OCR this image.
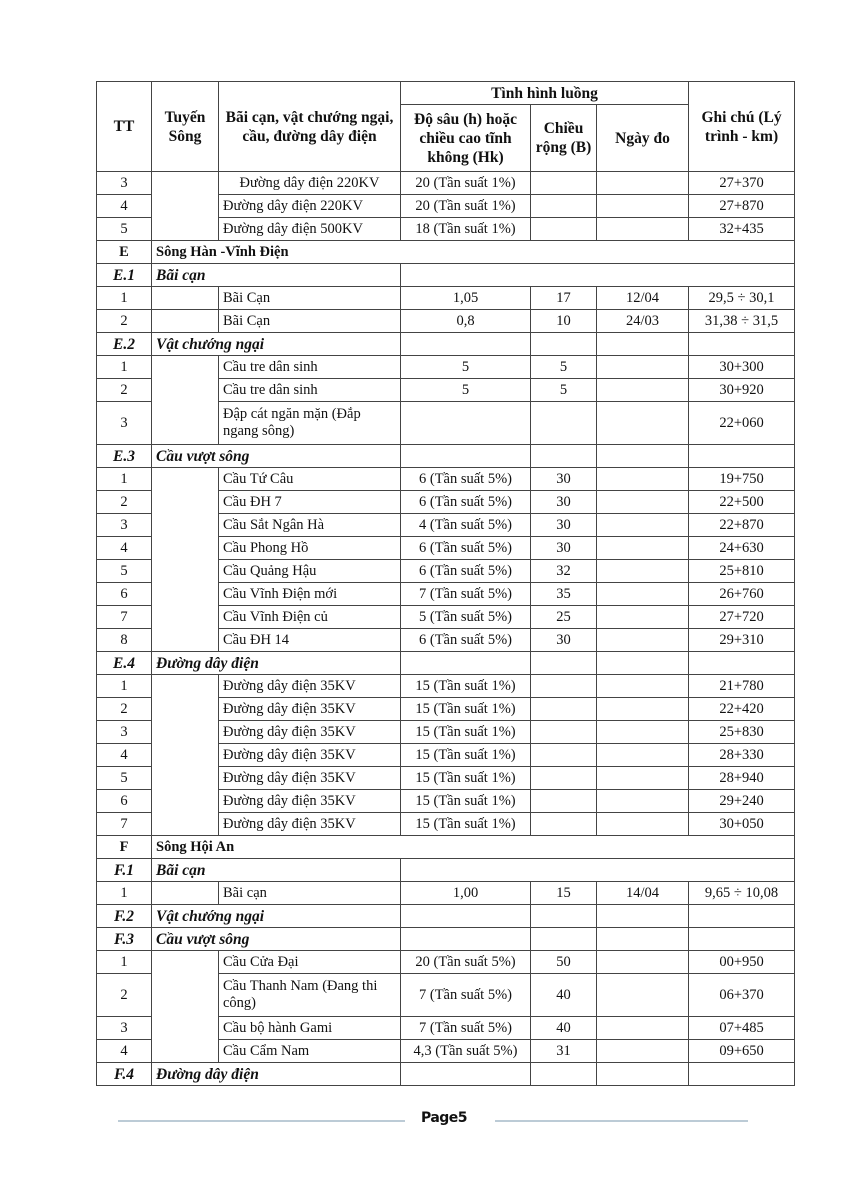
TT	Tuyến Sông	Bãi cạn, vật chướng ngại, cầu, đường dây điện	Tình hình luồng			Ghi chú (Lý trình - km)
			Độ sâu (h) hoặc chiều cao tĩnh không (Hk)	Chiều rộng (B)	Ngày đo	
3		Đường dây điện 220KV	20 (Tần suất 1%)			27+370
4		Đường dây điện 220KV	20 (Tần suất 1%)			27+870
5		Đường dây điện 500KV	18 (Tần suất 1%)			32+435
E	Sông Hàn -Vĩnh Điện					
E.1	Bãi cạn					
1		Bãi Cạn	1,05	17	12/04	29,5 ÷ 30,1
2		Bãi Cạn	0,8	10	24/03	31,38 ÷ 31,5
E.2	Vật chướng ngại					
1		Cầu tre dân sinh	5	5		30+300
2		Cầu tre dân sinh	5	5		30+920
3		Đập cát ngăn mặn (Đắp ngang sông)				22+060
E.3	Cầu vượt sông					
1		Cầu Tứ Câu	6 (Tần suất 5%)	30		19+750
2		Cầu ĐH 7	6 (Tần suất 5%)	30		22+500
3		Cầu Sắt Ngân Hà	4 (Tần suất 5%)	30		22+870
4		Cầu Phong Hồ	6 (Tần suất 5%)	30		24+630
5		Cầu Quảng Hậu	6 (Tần suất 5%)	32		25+810
6		Cầu Vĩnh Điện mới	7 (Tần suất 5%)	35		26+760
7		Cầu Vĩnh Điện củ	5 (Tần suất 5%)	25		27+720
8		Cầu ĐH 14	6 (Tần suất 5%)	30		29+310
E.4	Đường dây điện					
1		Đường dây điện 35KV	15 (Tần suất 1%)			21+780
2		Đường dây điện 35KV	15 (Tần suất 1%)			22+420
3		Đường dây điện 35KV	15 (Tần suất 1%)			25+830
4		Đường dây điện 35KV	15 (Tần suất 1%)			28+330
5		Đường dây điện 35KV	15 (Tần suất 1%)			28+940
6		Đường dây điện 35KV	15 (Tần suất 1%)			29+240
7		Đường dây điện 35KV	15 (Tần suất 1%)			30+050
F	Sông Hội An					
F.1	Bãi cạn					
1		Bãi cạn	1,00	15	14/04	9,65 ÷ 10,08
F.2	Vật chướng ngại					
F.3	Cầu vượt sông					
1		Cầu Cửa Đại	20 (Tần suất 5%)	50		00+950
2		Cầu Thanh Nam (Đang thi công)	7 (Tần suất 5%)	40		06+370
3		Cầu bộ hành Gami	7 (Tần suất 5%)	40		07+485
4		Cầu Cẩm Nam	4,3 (Tần suất 5%)	31		09+650
F.4	Đường dây điện					
Page5
